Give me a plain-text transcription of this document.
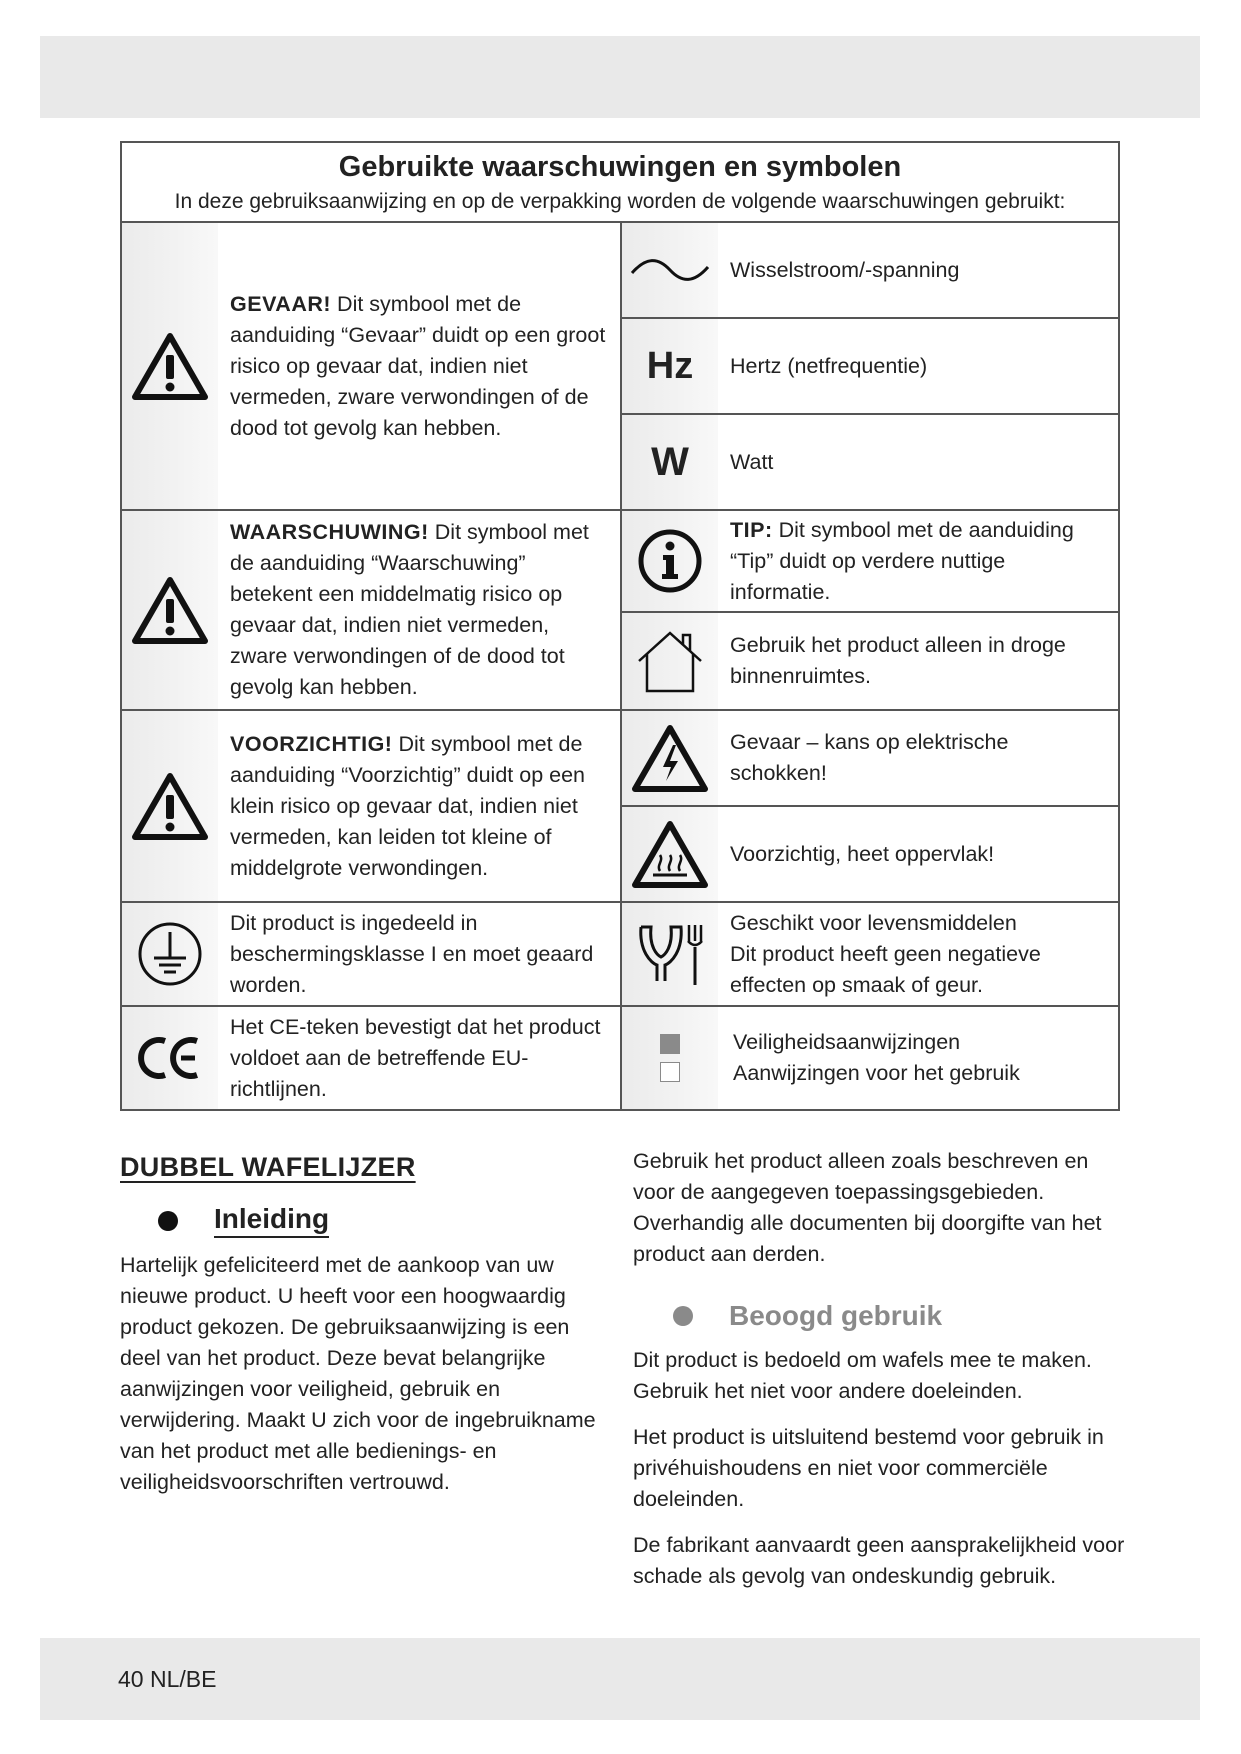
Gebruikte waarschuwingen en symbolen
In deze gebruiksaanwijzing en op de verpakking worden de volgende waarschuwingen gebruikt:
GEVAAR! Dit symbool met de aanduiding “Gevaar” duidt op een groot risico op gevaar dat, indien niet vermeden, zware verwondingen of de dood tot gevolg kan hebben.
WAARSCHUWING! Dit symbool met de aanduiding “Waarschuwing” betekent een middelmatig risico op gevaar dat, indien niet vermeden, zware verwondingen of de dood tot gevolg kan hebben.
VOORZICHTIG! Dit symbool met de aanduiding “Voorzichtig” duidt op een klein risico op gevaar dat, indien niet vermeden, kan leiden tot kleine of middelgrote verwondingen.
Dit product is ingedeeld in beschermingsklasse I en moet geaard worden.
Het CE-teken bevestigt dat het product voldoet aan de betreffende EU-richtlijnen.
Wisselstroom/-spanning
Hz Hertz (netfrequentie)
W Watt
TIP: Dit symbool met de aanduiding “Tip” duidt op verdere nuttige informatie.
Gebruik het product alleen in droge binnenruimtes.
Gevaar – kans op elektrische schokken!
Voorzichtig, heet oppervlak!
Geschikt voor levensmiddelen
Dit product heeft geen negatieve effecten op smaak of geur.
Veiligheidsaanwijzingen
Aanwijzingen voor het gebruik
DUBBEL WAFELIJZER
Inleiding
Hartelijk gefeliciteerd met de aankoop van uw nieuwe product. U heeft voor een hoogwaardig product gekozen. De gebruiksaanwijzing is een deel van het product. Deze bevat belangrijke aanwijzingen voor veiligheid, gebruik en verwijdering. Maakt U zich voor de ingebruikname van het product met alle bedienings- en veiligheidsvoorschriften vertrouwd.
Gebruik het product alleen zoals beschreven en voor de aangegeven toepassingsgebieden. Overhandig alle documenten bij doorgifte van het product aan derden.
Beoogd gebruik
Dit product is bedoeld om wafels mee te maken. Gebruik het niet voor andere doeleinden.
Het product is uitsluitend bestemd voor gebruik in privéhuishoudens en niet voor commerciële doeleinden.
De fabrikant aanvaardt geen aansprakelijkheid voor schade als gevolg van ondeskundig gebruik.
40 NL/BE
